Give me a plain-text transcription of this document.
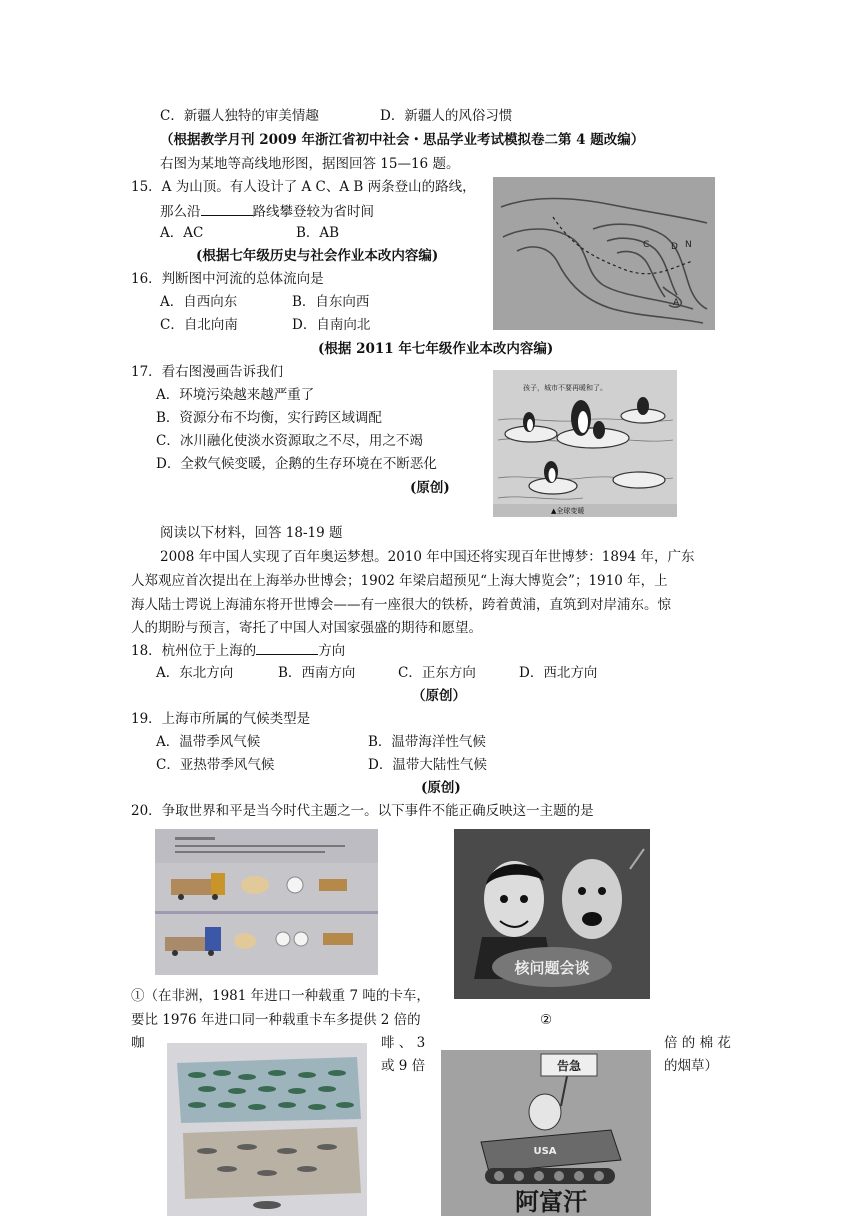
C．新疆人独特的审美情趣	D．新疆人的风俗习惯
（根据教学月刊 2009 年浙江省初中社会・思品学业考试模拟卷二第 4 题改编）
右图为某地等高线地形图，据图回答 15—16 题。
15．A 为山顶。有人设计了 A C、A B 两条登山的路线，
那么沿	路线攀登较为省时间
A．AC	B．AB
(根据七年级历史与社会作业本改内容编)
16．判断图中河流的总体流向是
A．自西向东	B．自东向西
C．自北向南	D．自南向北
(根据 2011 年七年级作业本改内容编)
C D N
A
17．看右图漫画告诉我们
A．环境污染越来越严重了
B．资源分布不均衡，实行跨区域调配
C．冰川融化使淡水资源取之不尽，用之不竭
D．全救气候变暖，企鹅的生存环境在不断恶化
(原创)
孩子，城市不要再暖和了。
▲全球变暖
阅读以下材料，回答 18-19 题
2008 年中国人实现了百年奥运梦想。2010 年中国还将实现百年世博梦：1894 年，广东
人郑观应首次提出在上海举办世博会；1902 年梁启超预见“上海大博览会”；1910 年，上
海人陆士谔说上海浦东将开世博会——有一座很大的铁桥，跨着黄浦，直筑到对岸浦东。惊
人的期盼与预言，寄托了中国人对国家强盛的期待和愿望。
18．杭州位于上海的	方向
A．东北方向	B．西南方向	C．正东方向	D．西北方向
（原创）
19．上海市所属的气候类型是
A．温带季风气候	B．温带海洋性气候
C．亚热带季风气候	D．温带大陆性气候
(原创)
20．争取世界和平是当今时代主题之一。以下事件不能正确反映这一主题的是
核问题会谈
①（在非洲，1981 年进口一种载重 7 吨的卡车，
要比 1976 年进口同一种载重卡车多提供 2 倍的	②
咖	啡 、 3	倍 的 棉 花
或 9 倍	的烟草）
告急
USA
阿富汗
